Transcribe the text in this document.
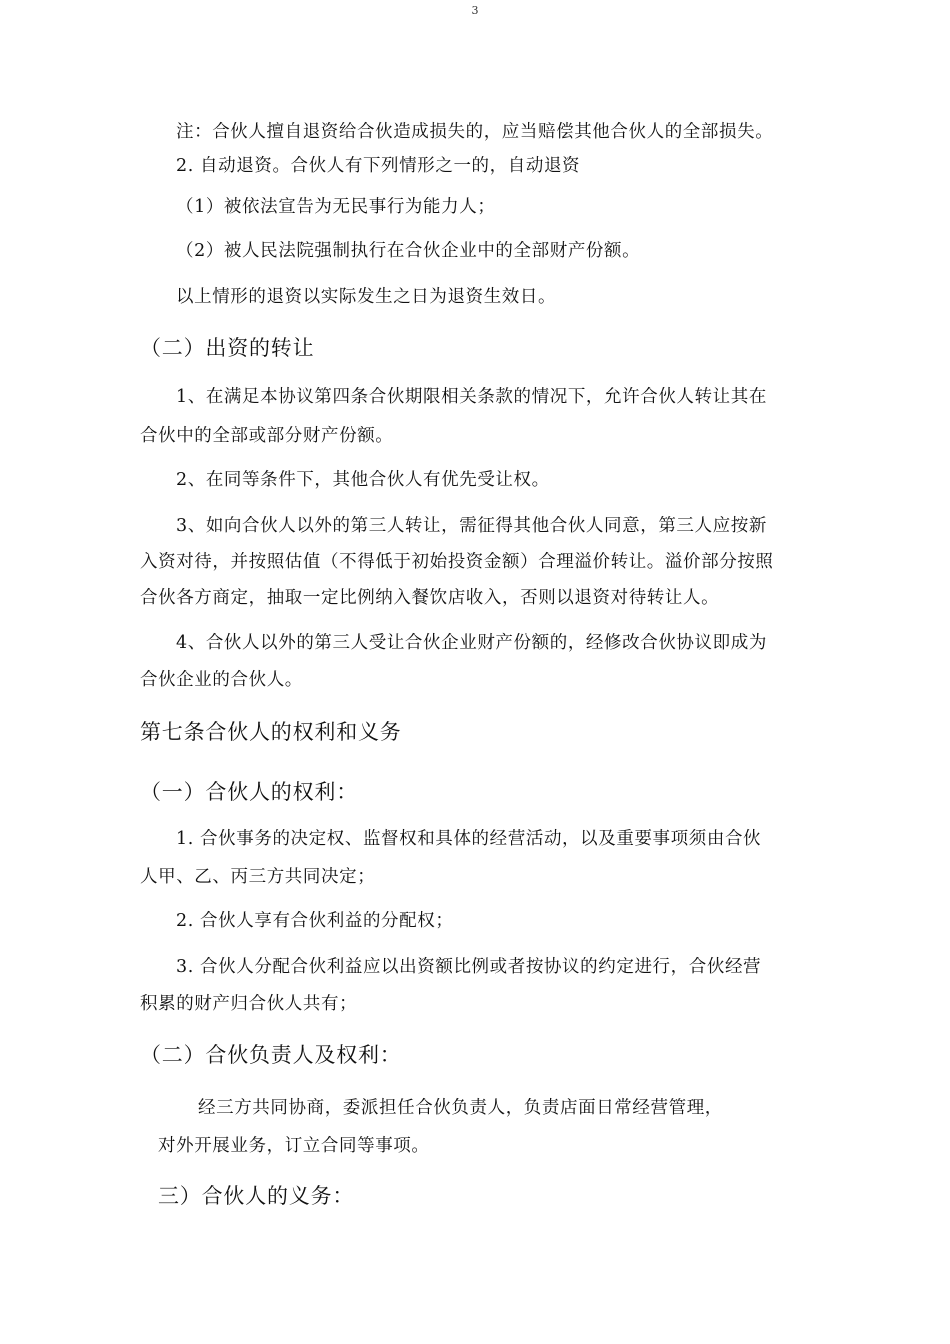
3
注：合伙人擅自退资给合伙造成损失的，应当赔偿其他合伙人的全部损失。
2. 自动退资。合伙人有下列情形之一的，自动退资
（1）被依法宣告为无民事行为能力人；
（2）被人民法院强制执行在合伙企业中的全部财产份额。
以上情形的退资以实际发生之日为退资生效日。
（二）出资的转让
1、在满足本协议第四条合伙期限相关条款的情况下，允许合伙人转让其在
合伙中的全部或部分财产份额。
2、在同等条件下，其他合伙人有优先受让权。
3、如向合伙人以外的第三人转让，需征得其他合伙人同意，第三人应按新
入资对待，并按照估值（不得低于初始投资金额）合理溢价转让。溢价部分按照
合伙各方商定，抽取一定比例纳入餐饮店收入，否则以退资对待转让人。
4、合伙人以外的第三人受让合伙企业财产份额的，经修改合伙协议即成为
合伙企业的合伙人。
第七条合伙人的权利和义务
（一）合伙人的权利：
1. 合伙事务的决定权、监督权和具体的经营活动，以及重要事项须由合伙
人甲、乙、丙三方共同决定；
2. 合伙人享有合伙利益的分配权；
3. 合伙人分配合伙利益应以出资额比例或者按协议的约定进行，合伙经营
积累的财产归合伙人共有；
（二）合伙负责人及权利：
经三方共同协商，委派担任合伙负责人，负责店面日常经营管理，
对外开展业务，订立合同等事项。
三）合伙人的义务：
